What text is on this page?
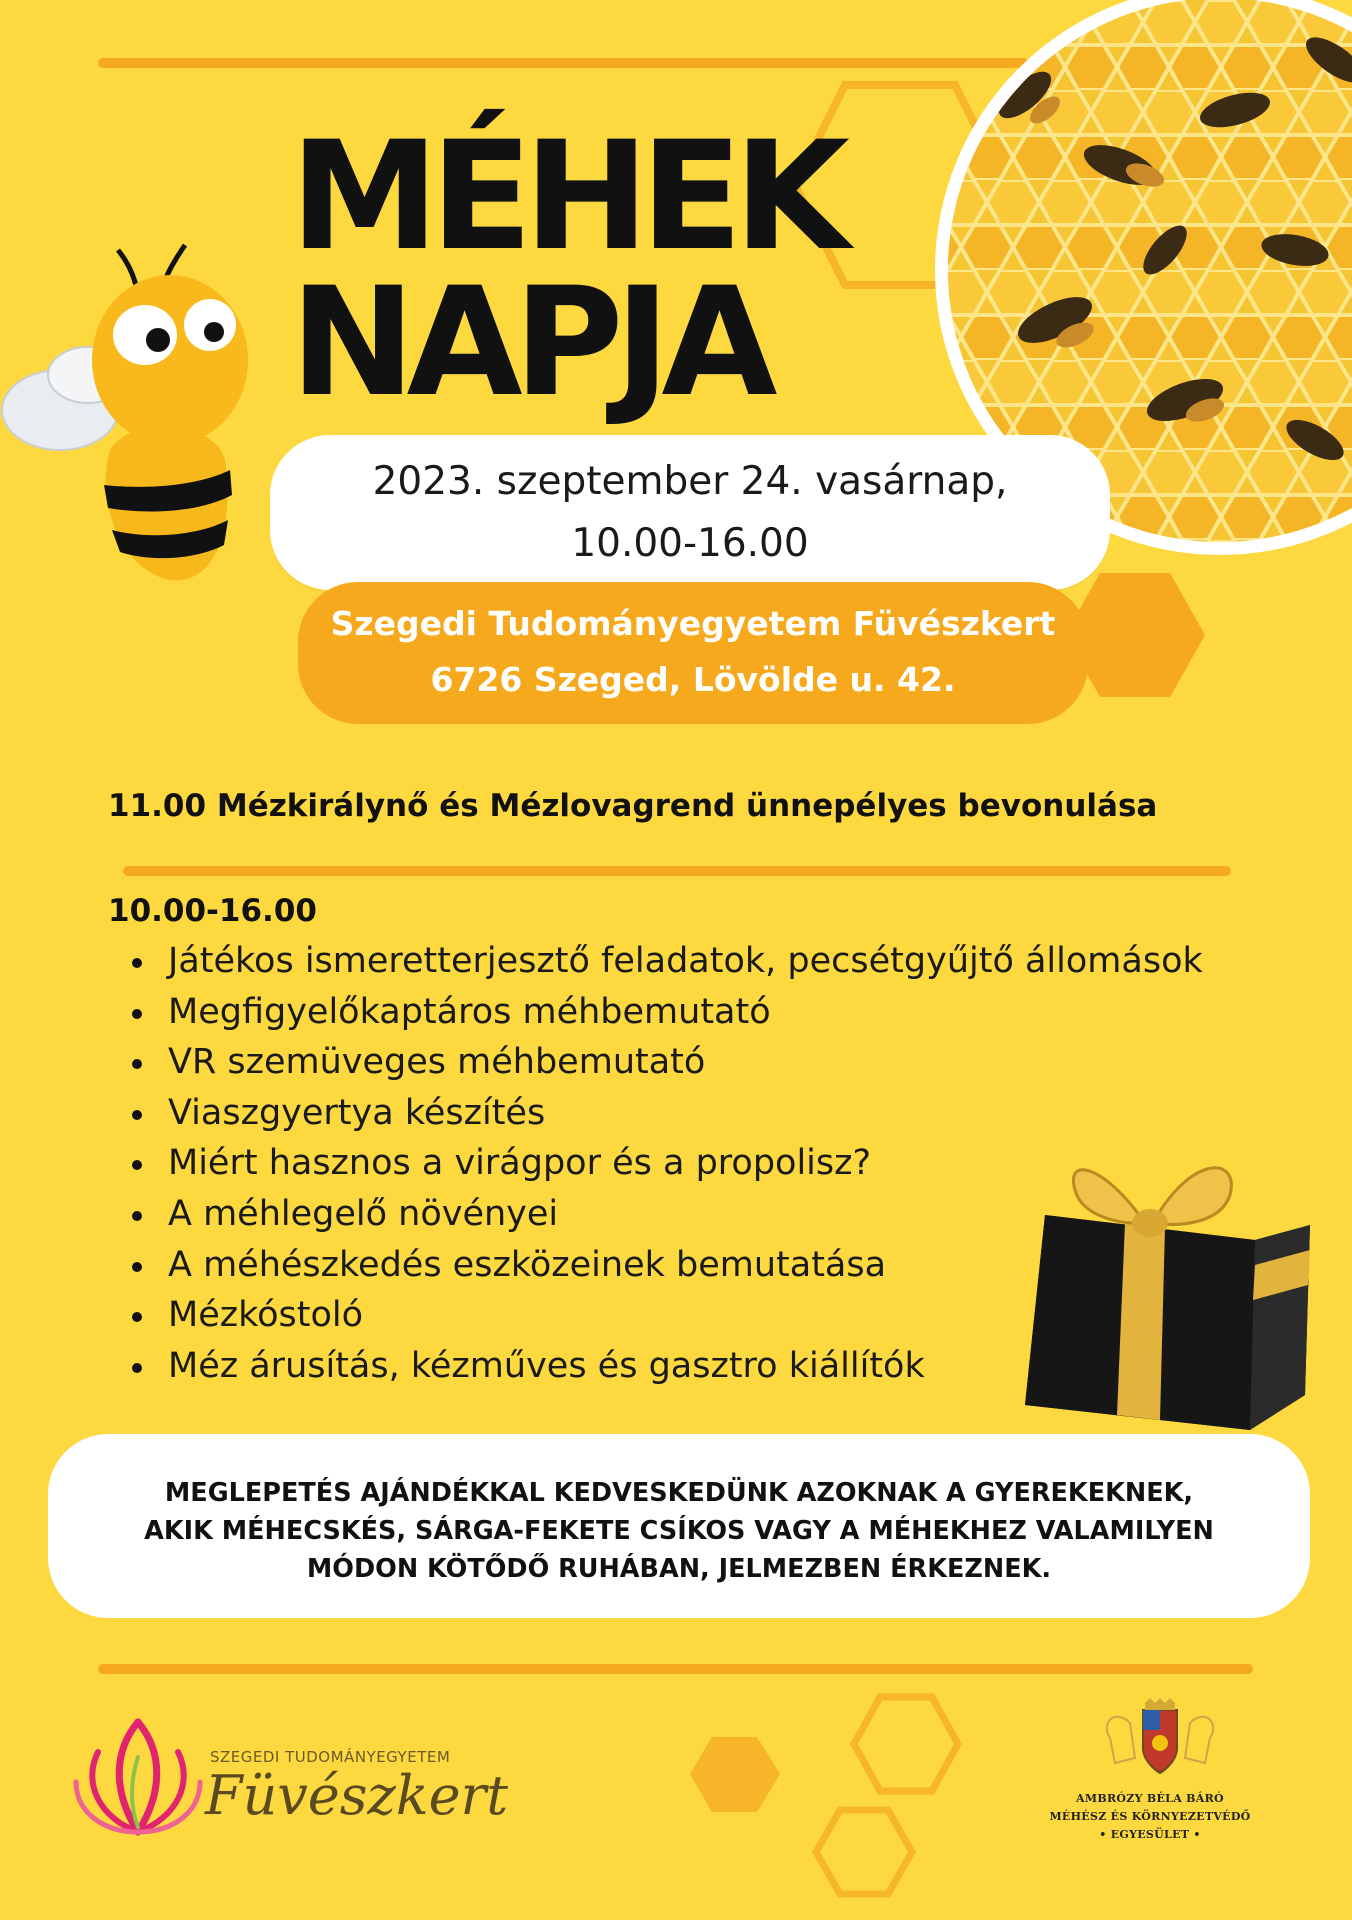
MÉHEK
NAPJA
2023. szeptember 24. vasárnap,
10.00-16.00
Szegedi Tudományegyetem Füvészkert
6726 Szeged, Lövölde u. 42.
11.00 Mézkirálynő és Mézlovagrend ünnepélyes bevonulása
10.00-16.00
Játékos ismeretterjesztő feladatok, pecsétgyűjtő állomások
Megfigyelőkaptáros méhbemutató
VR szemüveges méhbemutató
Viaszgyertya készítés
Miért hasznos a virágpor és a propolisz?
A méhlegelő növényei
A méhészkedés eszközeinek bemutatása
Mézkóstoló
Méz árusítás, kézműves és gasztro kiállítók
MEGLEPETÉS AJÁNDÉKKAL KEDVESKEDÜNK AZOKNAK A GYEREKEKNEK,
AKIK MÉHECSKÉS, SÁRGA-FEKETE CSÍKOS VAGY A MÉHEKHEZ VALAMILYEN
MÓDON KÖTŐDŐ RUHÁBAN, JELMEZBEN ÉRKEZNEK.
SZEGEDI TUDOMÁNYEGYETEM
Füvészkert	AMBRÓZY BÉLA BÁRÓ
MÉHÉSZ ÉS KÖRNYEZETVÉDŐ
• EGYESÜLET •
